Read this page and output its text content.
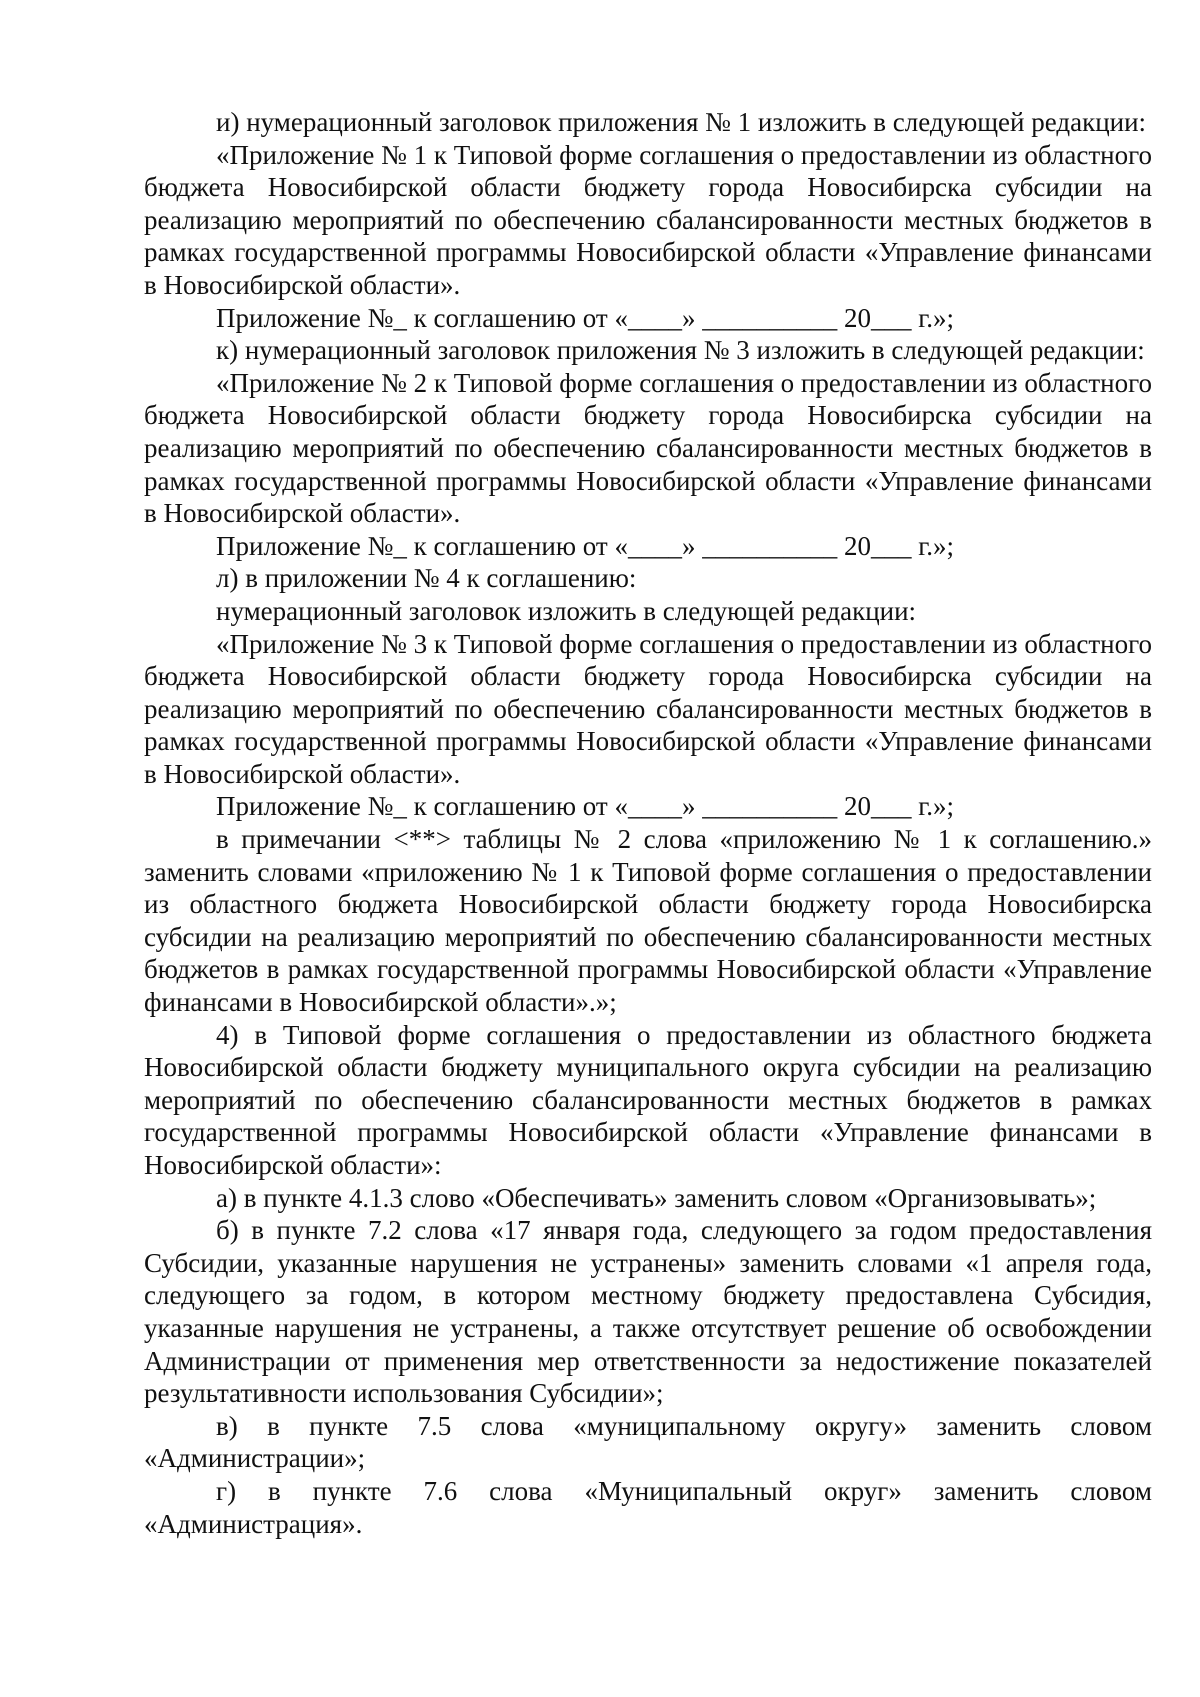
и) нумерационный заголовок приложения № 1 изложить в следующей редакции:

«Приложение № 1 к Типовой форме соглашения о предоставлении из областного бюджета Новосибирской области бюджету города Новосибирска субсидии на реализацию мероприятий по обеспечению сбалансированности местных бюджетов в рамках государственной программы Новосибирской области «Управление финансами в Новосибирской области».

Приложение №_ к соглашению от «____» __________ 20___ г.»;

к) нумерационный заголовок приложения № 3 изложить в следующей редакции:

«Приложение № 2 к Типовой форме соглашения о предоставлении из областного бюджета Новосибирской области бюджету города Новосибирска субсидии на реализацию мероприятий по обеспечению сбалансированности местных бюджетов в рамках государственной программы Новосибирской области «Управление финансами в Новосибирской области».

Приложение №_ к соглашению от «____» __________ 20___ г.»;

л) в приложении № 4 к соглашению:

нумерационный заголовок изложить в следующей редакции:

«Приложение № 3 к Типовой форме соглашения о предоставлении из областного бюджета Новосибирской области бюджету города Новосибирска субсидии на реализацию мероприятий по обеспечению сбалансированности местных бюджетов в рамках государственной программы Новосибирской области «Управление финансами в Новосибирской области».

Приложение №_ к соглашению от «____» __________ 20___ г.»;

в примечании <**> таблицы № 2 слова «приложению № 1 к соглашению.» заменить словами «приложению № 1 к Типовой форме соглашения о предоставлении из областного бюджета Новосибирской области бюджету города Новосибирска субсидии на реализацию мероприятий по обеспечению сбалансированности местных бюджетов в рамках государственной программы Новосибирской области «Управление финансами в Новосибирской области».»;

4) в Типовой форме соглашения о предоставлении из областного бюджета Новосибирской области бюджету муниципального округа субсидии на реализацию мероприятий по обеспечению сбалансированности местных бюджетов в рамках государственной программы Новосибирской области «Управление финансами в Новосибирской области»:

а) в пункте 4.1.3 слово «Обеспечивать» заменить словом «Организовывать»;

б) в пункте 7.2 слова «17 января года, следующего за годом предоставления Субсидии, указанные нарушения не устранены» заменить словами «1 апреля года, следующего за годом, в котором местному бюджету предоставлена Субсидия, указанные нарушения не устранены, а также отсутствует решение об освобождении Администрации от применения мер ответственности за недостижение показателей результативности использования Субсидии»;

в) в пункте 7.5 слова «муниципальному округу» заменить словом «Администрации»;

г) в пункте 7.6 слова «Муниципальный округ» заменить словом «Администрация».
